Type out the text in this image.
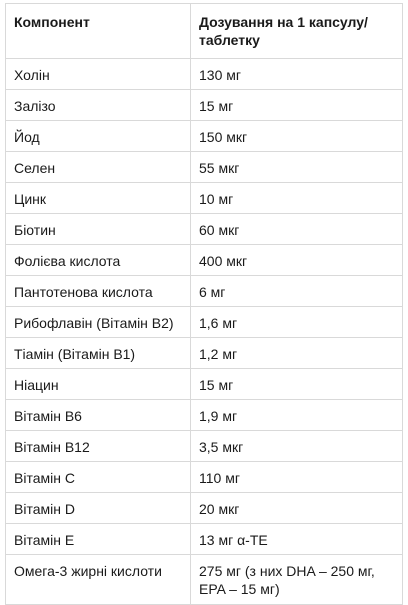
Компонент	Дозування на 1 капсулу/ таблетку
Холін	130 мг
Залізо	15 мг
Йод	150 мкг
Селен	55 мкг
Цинк	10 мг
Біотин	60 мкг
Фолієва кислота	400 мкг
Пантотенова кислота	6 мг
Рибофлавін (Вітамін B2)	1,6 мг
Тіамін (Вітамін B1)	1,2 мг
Ніацин	15 мг
Вітамін B6	1,9 мг
Вітамін B12	3,5 мкг
Вітамін C	110 мг
Вітамін D	20 мкг
Вітамін E	13 мг α-TE
Омега-3 жирні кислоти	275 мг (з них DHA – 250 мг, EPA – 15 мг)
